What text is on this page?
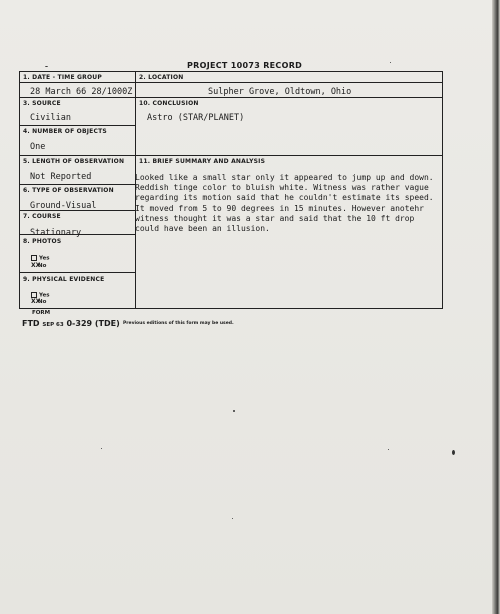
PROJECT 10073 RECORD
1. DATE - TIME GROUP
28 March 66 28/1000Z
2. LOCATION
Sulpher Grove, Oldtown, Ohio
3. SOURCE
Civilian
10. CONCLUSION
Astro (STAR/PLANET)
4. NUMBER OF OBJECTS
One
5. LENGTH OF OBSERVATION
Not Reported
11. BRIEF SUMMARY AND ANALYSIS
6. TYPE OF OBSERVATION
Ground-Visual
7. COURSE
Stationary
8. PHOTOS
Yes
XXNo
9. PHYSICAL EVIDENCE
Yes
XXNo
Looked like a small star only it appeared to jump up and down.
Reddish tinge color to bluish white. Witness was rather vague
regarding its motion said that he couldn't estimate its speed.
It moved from 5 to 90 degrees in 15 minutes. However anotehr
witness thought it was a star and said that the 10 ft drop
could have been an illusion.
FORM
FTD SEP 63 0-329 (TDE) Previous editions of this form may be used.
